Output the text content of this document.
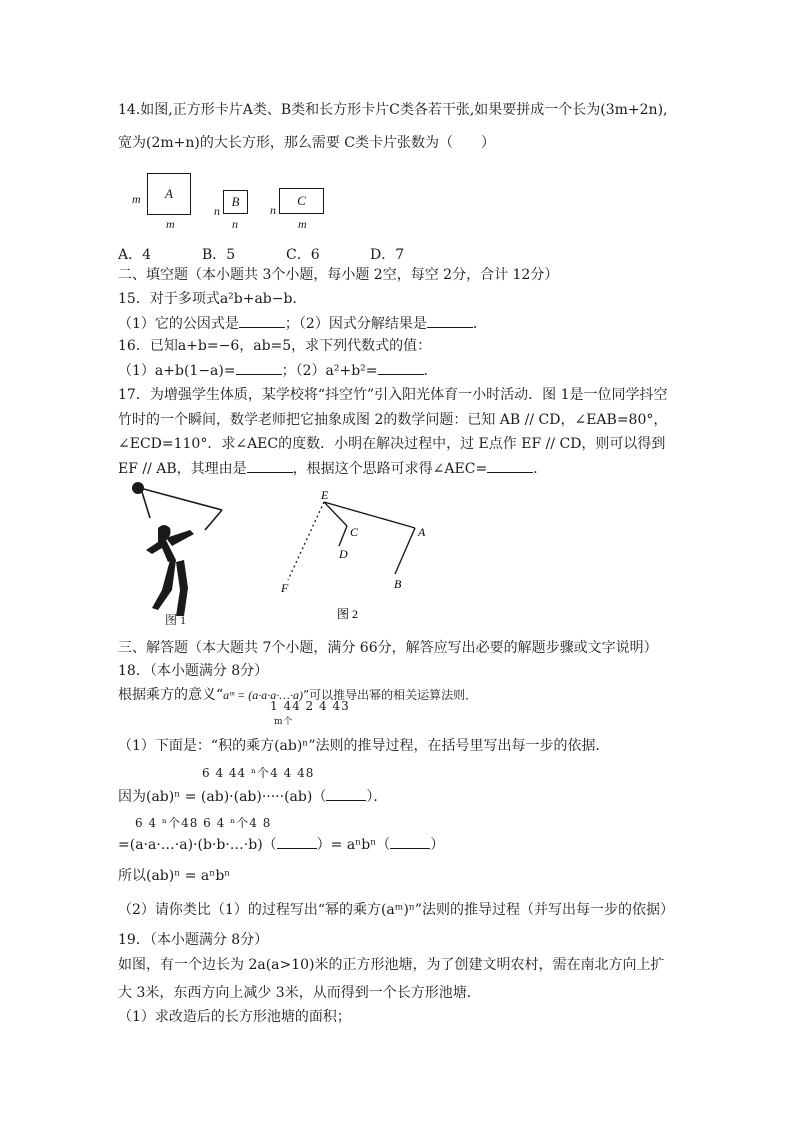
14.如图,正方形卡片A类、B类和长方形卡片C类各若干张,如果要拼成一个长为(3m+2n),
宽为(2m+n)的大长方形，那么需要 C类卡片张数为（　　）
m	A
m
n
B
n
n
C
m
A．4	B．5	C．6	D．7
二、填空题（本小题共 3个小题，每小题 2空，每空 2分，合计 12分）
15．对于多项式a²b+ab−b．
（1）它的公因式是	；（2）因式分解结果是	．
16．已知a+b=−6，ab=5，求下列代数式的值：
（1）a+b(1−a)=	；（2）a²+b²=	．
17．为增强学生体质，某学校将“抖空竹”引入阳光体育一小时活动．图 1是一位同学抖空
竹时的一个瞬间，数学老师把它抽象成图 2的数学问题：已知 AB // CD，∠EAB=80°，
∠ECD=110°．求∠AEC的度数．小明在解决过程中，过 E点作 EF // CD，则可以得到
EF // AB，其理由是	，根据这个思路可求得∠AEC=	．
图 1
E
C
D
A
B
F
图 2
三、解答题（本大题共 7个小题，满分 66分，解答应写出必要的解题步骤或文字说明）
18．（本小题满分 8分）
根据乘方的意义“aᵐ = (a·a·a·…·a)”可以推导出幂的相关运算法则．
1 44 2 4 43
m个
（1）下面是：“积的乘方(ab)ⁿ”法则的推导过程，在括号里写出每一步的依据．
6 4 44 ⁿ个4 4 48
因为(ab)ⁿ = (ab)·(ab)·····(ab)（	）．
6 4 ⁿ个48 6 4 ⁿ个4 8
=(a·a·…·a)·(b·b·…·b)（	）= aⁿbⁿ（	）
所以(ab)ⁿ = aⁿbⁿ
（2）请你类比（1）的过程写出“幂的乘方(aᵐ)ⁿ”法则的推导过程（并写出每一步的依据）
19．（本小题满分 8分）
如图，有一个边长为 2a(a>10)米的正方形池塘，为了创建文明农村，需在南北方向上扩
大 3米，东西方向上减少 3米，从而得到一个长方形池塘．
（1）求改造后的长方形池塘的面积；
